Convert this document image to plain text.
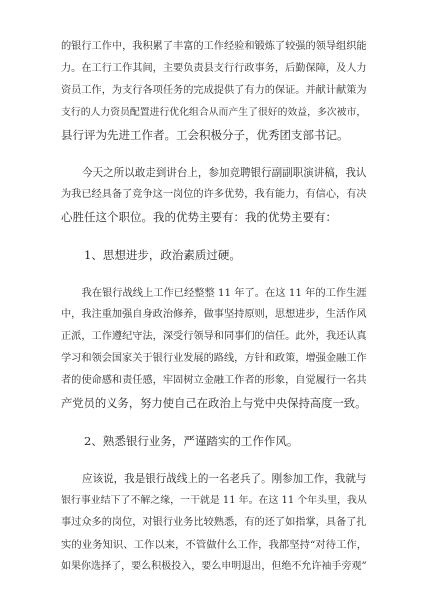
的银行工作中，我积累了丰富的工作经验和锻炼了较强的领导组织能
力。在工行工作其间，主要负责县支行行政事务，后勤保障，及人力
资员工作，为支行各项任务的完成提供了有力的保证。并献计献策为
支行的人力资员配置进行优化组合从而产生了很好的效益，多次被市，
县行评为先进工作者。工会积极分子，优秀团支部书记。
　　今天之所以敢走到讲台上，参加竞聘银行副副职演讲稿，我认
为我已经具备了竞争这一岗位的许多优势，我有能力，有信心，有决
心胜任这个职位。我的优势主要有：我的优势主要有：
　　1、思想进步，政治素质过硬。
　　我在银行战线上工作已经整整 11 年了。在这 11 年的工作生涯
中，我注重加强自身政治修养，做事坚持原则，思想进步，生活作风
正派，工作遵纪守法，深受行领导和同事们的信任。此外，我还认真
学习和领会国家关于银行业发展的路线，方针和政策，增强金融工作
者的使命感和责任感，牢固树立金融工作者的形象，自觉履行一名共
产党员的义务，努力使自己在政治上与党中央保持高度一致。
　　2、熟悉银行业务，严谨踏实的工作作风。
　　应该说，我是银行战线上的一名老兵了。刚参加工作，我就与
银行事业结下了不解之缘，一干就是 11 年。在这 11 个年头里，我从
事过众多的岗位，对银行业务比较熟悉，有的还了如指掌，具备了扎
实的业务知识、工作以来，不管做什么工作，我都坚持“对待工作，
如果你选择了，要么积极投入，要么申明退出，但绝不允许袖手旁观”
